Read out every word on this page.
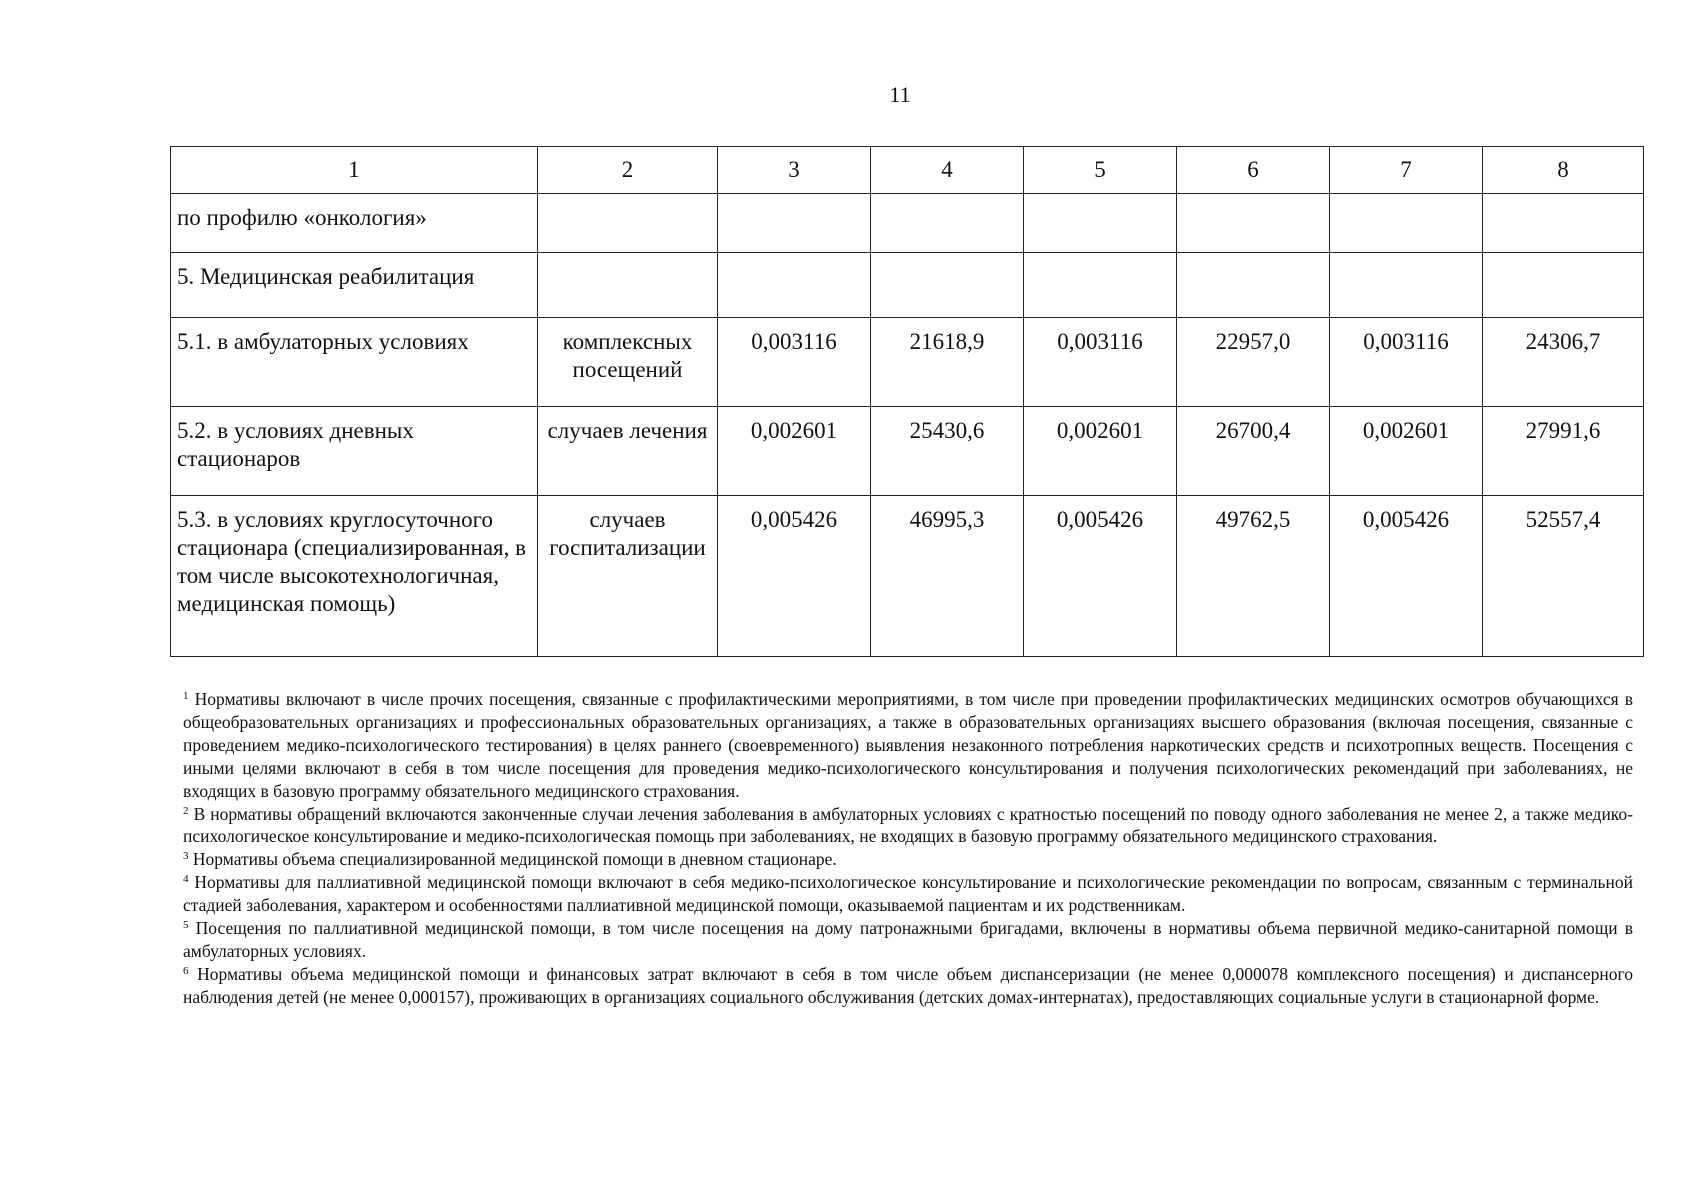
11
1	2	3	4	5	6	7	8
по профилю «онкология»							
5. Медицинская реабилитация							
5.1. в амбулаторных условиях	комплексных посещений	0,003116	21618,9	0,003116	22957,0	0,003116	24306,7
5.2. в условиях дневных стационаров	случаев лечения	0,002601	25430,6	0,002601	26700,4	0,002601	27991,6
5.3. в условиях круглосуточного стационара (специализированная, в том числе высокотехнологичная, медицинская помощь)	случаев госпитализации	0,005426	46995,3	0,005426	49762,5	0,005426	52557,4

$^1$ Нормативы включают в числе прочих посещения, связанные с профилактическими мероприятиями, в том числе при проведении профилактических медицинских осмотров обучающихся в общеобразовательных организациях и профессиональных образовательных организациях, а также в образовательных организациях высшего образования (включая посещения, связанные с проведением медико-психологического тестирования) в целях раннего (своевременного) выявления незаконного потребления наркотических средств и психотропных веществ. Посещения с иными целями включают в себя в том числе посещения для проведения медико-психологического консультирования и получения психологических рекомендаций при заболеваниях, не входящих в базовую программу обязательного медицинского страхования.

$^2$ В нормативы обращений включаются законченные случаи лечения заболевания в амбулаторных условиях с кратностью посещений по поводу одного заболевания не менее 2, а также медико-психологическое консультирование и медико-психологическая помощь при заболеваниях, не входящих в базовую программу обязательного медицинского страхования.

$^3$ Нормативы объема специализированной медицинской помощи в дневном стационаре.

$^4$ Нормативы для паллиативной медицинской помощи включают в себя медико-психологическое консультирование и психологические рекомендации по вопросам, связанным с терминальной стадией заболевания, характером и особенностями паллиативной медицинской помощи, оказываемой пациентам и их родственникам.

$^5$ Посещения по паллиативной медицинской помощи, в том числе посещения на дому патронажными бригадами, включены в нормативы объема первичной медико-санитарной помощи в амбулаторных условиях.

$^6$ Нормативы объема медицинской помощи и финансовых затрат включают в себя в том числе объем диспансеризации (не менее 0,000078 комплексного посещения) и диспансерного наблюдения детей (не менее 0,000157), проживающих в организациях социального обслуживания (детских домах-интернатах), предоставляющих социальные услуги в стационарной форме.
